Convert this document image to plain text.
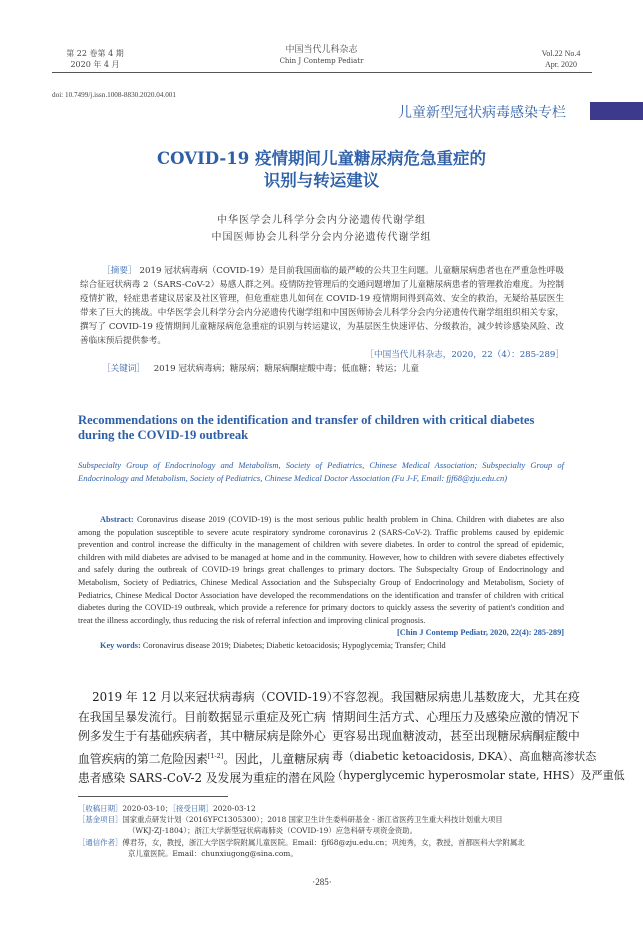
第 22 卷第 4 期
2020 年 4 月
中国当代儿科杂志
Chin J Contemp Pediatr
Vol.22 No.4
Apr. 2020
doi: 10.7499/j.issn.1008-8830.2020.04.001
儿童新型冠状病毒感染专栏
COVID-19 疫情期间儿童糖尿病危急重症的
识别与转运建议
中华医学会儿科学分会内分泌遗传代谢学组
中国医师协会儿科学分会内分泌遗传代谢学组
［摘要］ 2019 冠状病毒病（COVID-19）是目前我国面临的最严峻的公共卫生问题。儿童糖尿病患者也在严重急性呼吸综合征冠状病毒 2（SARS-CoV-2）易感人群之列。疫情防控管理后的交通问题增加了儿童糖尿病患者的管理救治难度。为控制疫情扩散，轻症患者建议居家及社区管理，但危重症患儿如何在 COVID-19 疫情期间得到高效、安全的救治，无疑给基层医生带来了巨大的挑战。中华医学会儿科学分会内分泌遗传代谢学组和中国医师协会儿科学分会内分泌遗传代谢学组组织相关专家，撰写了 COVID-19 疫情期间儿童糖尿病危急重症的识别与转运建议，为基层医生快速评估、分级救治，减少转诊感染风险、改善临床预后提供参考。
［中国当代儿科杂志，2020，22（4）：285-289］
［关键词］ 2019 冠状病毒病；糖尿病；糖尿病酮症酸中毒；低血糖；转运；儿童
Recommendations on the identification and transfer of children with critical diabetes
during the COVID-19 outbreak
Subspecialty Group of Endocrinology and Metabolism, Society of Pediatrics, Chinese Medical Association; Subspecialty Group of Endocrinology and Metabolism, Society of Pediatrics, Chinese Medical Doctor Association (Fu J-F, Email: fjf68@zju.edu.cn)
Abstract: Coronavirus disease 2019 (COVID-19) is the most serious public health problem in China. Children with diabetes are also among the population susceptible to severe acute respiratory syndrome coronavirus 2 (SARS-CoV-2). Traffic problems caused by epidemic prevention and control increase the difficulty in the management of children with severe diabetes. In order to control the spread of epidemic, children with mild diabetes are advised to be managed at home and in the community. However, how to children with severe diabetes effectively and safely during the outbreak of COVID-19 brings great challenges to primary doctors. The Subspecialty Group of Endocrinology and Metabolism, Society of Pediatrics, Chinese Medical Association and the Subspecialty Group of Endocrinology and Metabolism, Society of Pediatrics, Chinese Medical Doctor Association have developed the recommendations on the identification and transfer of children with critical diabetes during the COVID-19 outbreak, which provide a reference for primary doctors to quickly assess the severity of patient's condition and treat the illness accordingly, thus reducing the risk of referral infection and improving clinical prognosis.
[Chin J Contemp Pediatr, 2020, 22(4): 285-289]
Key words: Coronavirus disease 2019; Diabetes; Diabetic ketoacidosis; Hypoglycemia; Transfer; Child
2019 年 12 月以来冠状病毒病（COVID-19）
在我国呈暴发流行。目前数据显示重症及死亡病
例多发生于有基础疾病者，其中糖尿病是除外心
血管疾病的第二危险因素[1-2]。因此，儿童糖尿病
患者感染 SARS-CoV-2 及发展为重症的潜在风险
不容忽视。我国糖尿病患儿基数庞大，尤其在疫
情期间生活方式、心理压力及感染应激的情况下
更容易出现血糖波动，甚至出现糖尿病酮症酸中
毒（diabetic ketoacidosis, DKA）、高血糖高渗状态
（hyperglycemic hyperosmolar state, HHS）及严重低
［收稿日期］2020-03-10；［接受日期］2020-03-12
［基金项目］国家重点研发计划（2016YFC1305300）；2018 国家卫生计生委科研基金 - 浙江省医药卫生重大科技计划重大项目
（WKJ-ZJ-1804）；浙江大学新型冠状病毒肺炎（COVID-19）应急科研专项资金资助。
［通信作者］傅君芬，女，教授，浙江大学医学院附属儿童医院。Email：fjf68@zju.edu.cn；巩纯秀，女，教授，首都医科大学附属北
京儿童医院。Email：chunxiugong@sina.com。
·285·
